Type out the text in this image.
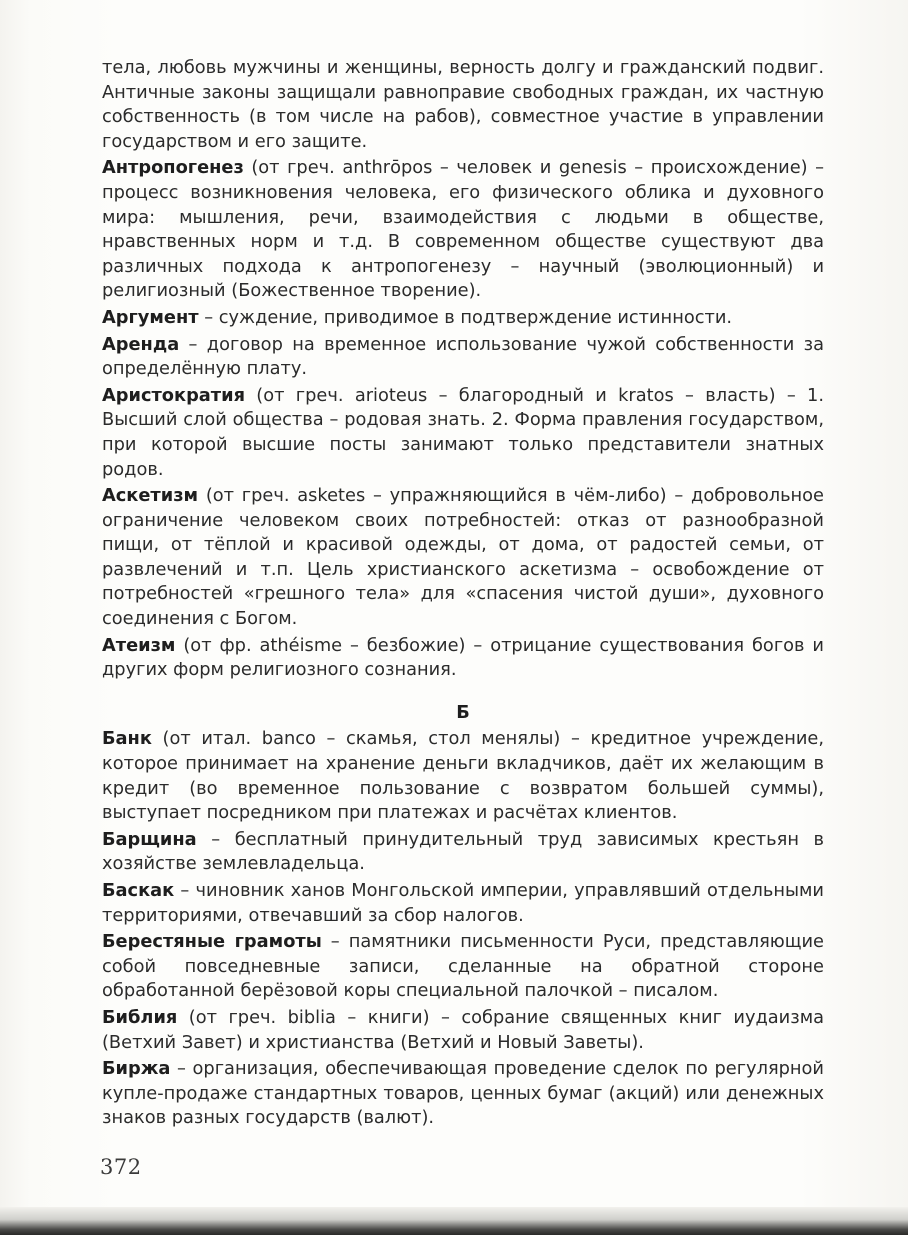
тела, любовь мужчины и женщины, верность долгу и гражданский подвиг. Античные законы защищали равноправие свободных граждан, их частную собственность (в том числе на рабов), совместное участие в управлении государством и его защите.

Антропогенез (от греч. anthrōpos – человек и genesis – происхождение) – процесс возникновения человека, его физического облика и духовного мира: мышления, речи, взаимодействия с людьми в обществе, нравственных норм и т.д. В современном обществе существуют два различных подхода к антропогенезу – научный (эволюционный) и религиозный (Божественное творение).

Аргумент – суждение, приводимое в подтверждение истинности.

Аренда – договор на временное использование чужой собственности за определённую плату.

Аристократия (от греч. arioteus – благородный и kratos – власть) – 1. Высший слой общества – родовая знать. 2. Форма правления государством, при которой высшие посты занимают только представители знатных родов.

Аскетизм (от греч. asketes – упражняющийся в чём-либо) – добровольное ограничение человеком своих потребностей: отказ от разнообразной пищи, от тёплой и красивой одежды, от дома, от радостей семьи, от развлечений и т.п. Цель христианского аскетизма – освобождение от потребностей «грешного тела» для «спасения чистой души», духовного соединения с Богом.

Атеизм (от фр. athéisme – безбожие) – отрицание существования богов и других форм религиозного сознания.

Б

Банк (от итал. banco – скамья, стол менялы) – кредитное учреждение, которое принимает на хранение деньги вкладчиков, даёт их желающим в кредит (во временное пользование с возвратом большей суммы), выступает посредником при платежах и расчётах клиентов.

Барщина – бесплатный принудительный труд зависимых крестьян в хозяйстве землевладельца.

Баскак – чиновник ханов Монгольской империи, управлявший отдельными территориями, отвечавший за сбор налогов.

Берестяные грамоты – памятники письменности Руси, представляющие собой повседневные записи, сделанные на обратной стороне обработанной берёзовой коры специальной палочкой – писалом.

Библия (от греч. biblia – книги) – собрание священных книг иудаизма (Ветхий Завет) и христианства (Ветхий и Новый Заветы).

Биржа – организация, обеспечивающая проведение сделок по регулярной купле-продаже стандартных товаров, ценных бумаг (акций) или денежных знаков разных государств (валют).

372
